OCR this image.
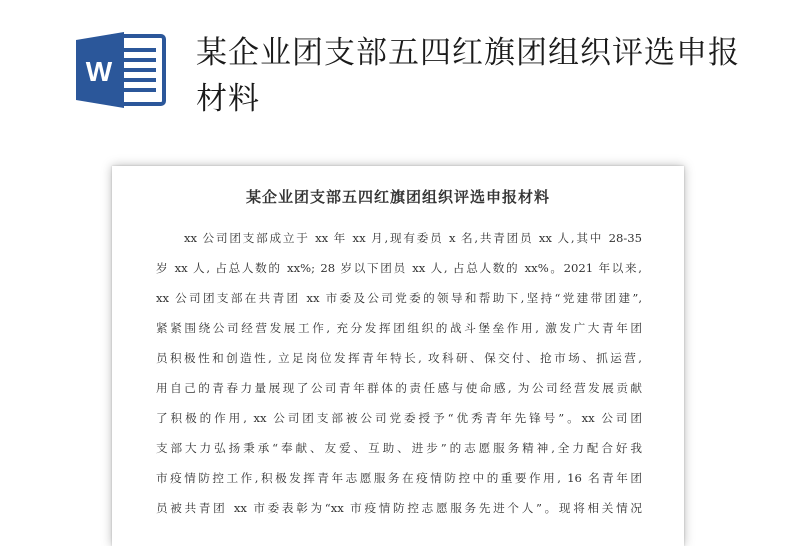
W
某企业团支部五四红旗团组织评选申报材料
某企业团支部五四红旗团组织评选申报材料
xx 公司团支部成立于 xx 年 xx 月,现有委员 x 名,共青团员 xx 人,其中 28-35
岁 xx 人, 占总人数的 xx%; 28 岁以下团员 xx 人, 占总人数的 xx%。2021 年以来,
xx 公司团支部在共青团 xx 市委及公司党委的领导和帮助下,坚持“党建带团建”,
紧紧围绕公司经营发展工作, 充分发挥团组织的战斗堡垒作用, 激发广大青年团
员积极性和创造性, 立足岗位发挥青年特长, 攻科研、保交付、抢市场、抓运营,
用自己的青春力量展现了公司青年群体的责任感与使命感, 为公司经营发展贡献
了积极的作用, xx 公司团支部被公司党委授予“优秀青年先锋号”。xx 公司团
支部大力弘扬秉承“奉献、友爱、互助、进步”的志愿服务精神,全力配合好我
市疫情防控工作,积极发挥青年志愿服务在疫情防控中的重要作用, 16 名青年团
员被共青团 xx 市委表彰为“xx 市疫情防控志愿服务先进个人”。现将相关情况
